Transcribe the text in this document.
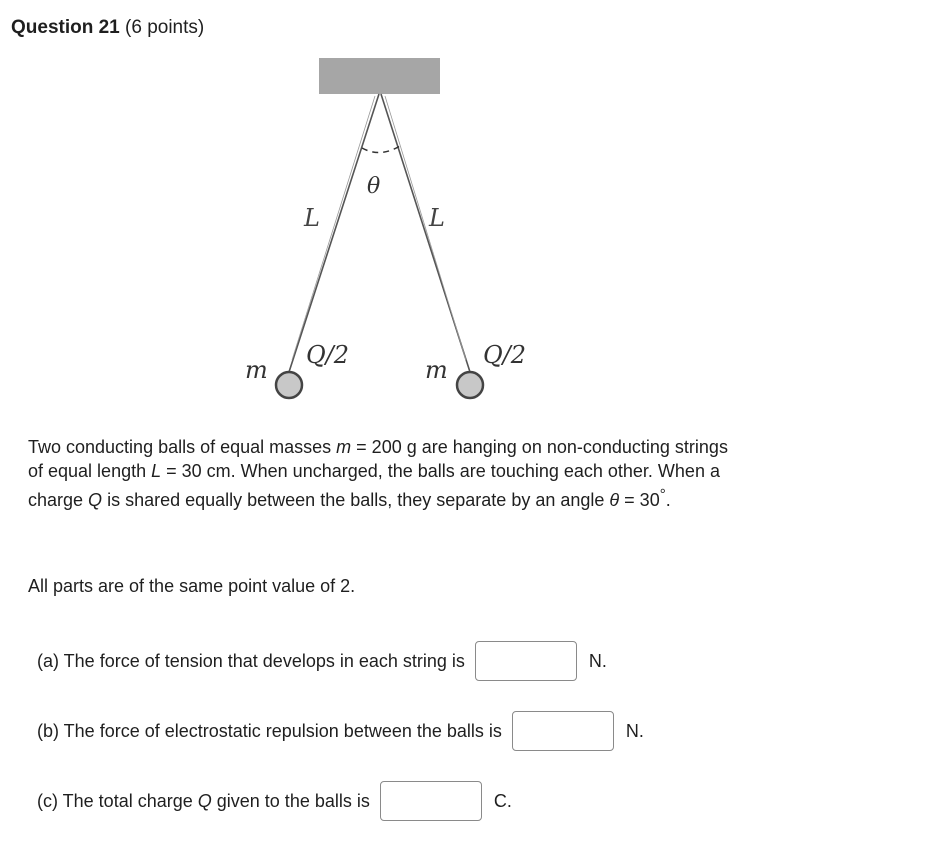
Question 21 (6 points)
θ
L	L
m
Q/2
m
Q/2
Two conducting balls of equal masses m = 200 g are hanging on non-conducting strings of equal length L = 30 cm. When uncharged, the balls are touching each other. When a charge Q is shared equally between the balls, they separate by an angle θ = 30°.
All parts are of the same point value of 2.
(a) The force of tension that develops in each string is	N.
(b) The force of electrostatic repulsion between the balls is	N.
(c) The total charge Q given to the balls is	C.
